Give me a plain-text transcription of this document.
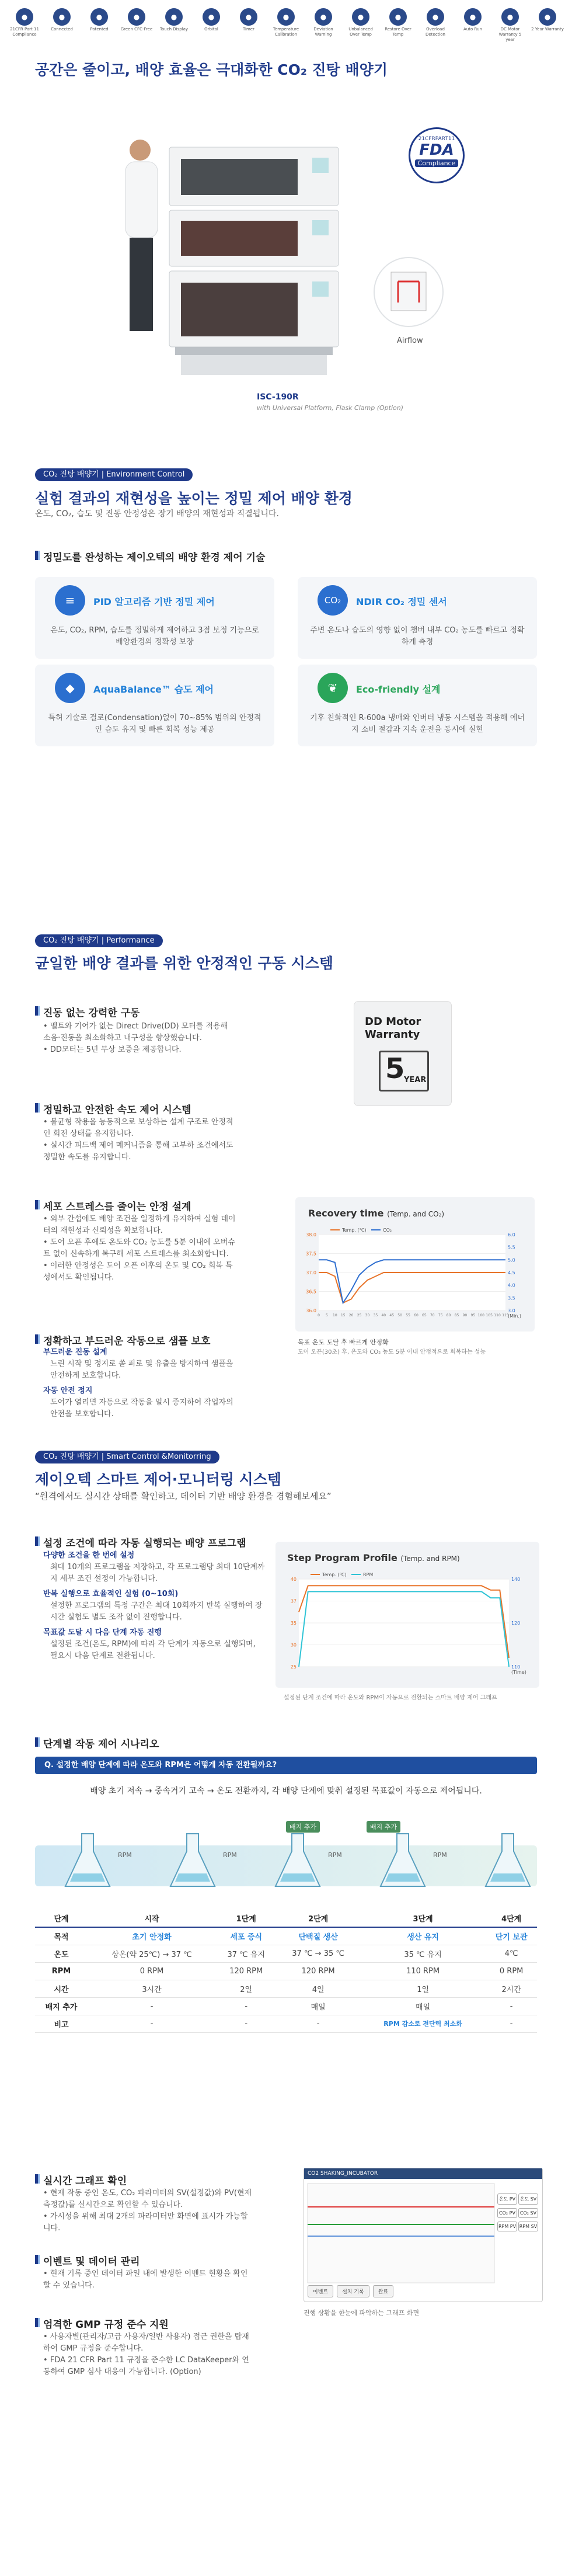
●
21CFR Part 11 Compliance
●
Connected
●
Patented
●
Green CFC-Free
●
Touch Display
●
Orbital
●
Timer
●
Temperature Calibration
●
Deviation Warning
●
Unbalanced Over Temp
●
Restore Over Temp
●
Overload Detection
●
Auto Run
●
DC Motor Warranty 5 year
●
2 Year Warranty
공간은 줄이고, 배양 효율은 극대화한 CO₂ 진탕 배양기
21CFRPART11
FDA
Compliance
Airflow
ISC-190R
with Universal Platform, Flask Clamp (Option)
CO₂ 진탕 배양기 | Environment Control
실험 결과의 재현성을 높이는 정밀 제어 배양 환경
온도, CO₂, 습도 및 진동 안정성은 장기 배양의 재현성과 직결됩니다.
정밀도를 완성하는 제이오텍의 배양 환경 제어 기술
≡	PID 알고리즘 기반 정밀 제어
온도, CO₂, RPM, 습도를 정밀하게 제어하고 3점 보정 기능으로 배양환경의 정확성 보장
CO₂	NDIR CO₂ 정밀 센서
주변 온도나 습도의 영향 없이 챔버 내부 CO₂ 농도를 빠르고 정확하게 측정
◆	AquaBalance™ 습도 제어
특허 기술로 결로(Condensation)없이 70~85% 범위의 안정적인 습도 유지 및 빠른 회복 성능 제공
❦	Eco-friendly 설계
기후 친화적인 R-600a 냉매와 인버터 냉동 시스템을 적용해 에너지 소비 절감과 지속 운전을 동시에 실현
CO₂ 진탕 배양기 | Performance
균일한 배양 결과를 위한 안정적인 구동 시스템
진동 없는 강력한 구동
• 벨트와 기어가 없는 Direct Drive(DD) 모터를 적용해 소음·진동을 최소화하고 내구성을 향상했습니다.
• DD모터는 5년 무상 보증을 제공합니다.
DD Motor
Warranty
5
YEAR
정밀하고 안전한 속도 제어 시스템
• 불균형 작용을 능동적으로 보상하는 설계 구조로 안정적인 회전 상태를 유지합니다.
• 실시간 피드백 제어 메커니즘을 통해 고부하 조건에서도 정밀한 속도를 유지합니다.
세포 스트레스를 줄이는 안정 설계
• 외부 간섭에도 배양 조건을 일정하게 유지하여 실험 데이터의 재현성과 신뢰성을 확보합니다.
• 도어 오픈 후에도 온도와 CO₂ 농도를 5분 이내에 오버슈트 없이 신속하게 복구해 세포 스트레스를 최소화합니다.
• 이러한 안정성은 도어 오픈 이후의 온도 및 CO₂ 회복 특성에서도 확인됩니다.
정확하고 부드러운 작동으로 샘플 보호
부드러운 진동 설계
느린 시작 및 정지로 쏟 피로 및 유출을 방지하여 샘플을 안전하게 보호합니다.
자동 안전 정지
도어가 열리면 자동으로 작동을 일시 중지하여 작업자의 안전을 보호합니다.
Recovery time (Temp. and CO₂)
Temp. (℃)	CO₂
38.0
37.5
37.0
36.5
36.0
6.0
5.5
5.0
4.5
4.0
3.5
3.0
0 5 10 15 20 25 30 35 40 45 50 55 60 65 70 75 80 85 90 95 100 105 110 115
(Min.)
목표 온도 도달 후 빠르게 안정화
도어 오픈(30초) 후, 온도와 CO₂ 농도 5분 이내 안정적으로 회복하는 성능
CO₂ 진탕 배양기 | Smart Control &Monitorring
제이오텍 스마트 제어·모니터링 시스템
“원격에서도 실시간 상태를 확인하고, 데이터 기반 배양 환경을 경험해보세요”
설정 조건에 따라 자동 실행되는 배양 프로그램
다양한 조건을 한 번에 설정
최대 10개의 프로그램을 저장하고, 각 프로그램당 최대 10단계까지 세부 조건 설정이 가능합니다.
반복 실행으로 효율적인 실험 (0~10회)
설정한 프로그램의 특정 구간은 최대 10회까지 반복 실행하여 장시간 실험도 별도 조작 없이 진행합니다.
목표값 도달 시 다음 단계 자동 진행
설정된 조건(온도, RPM)에 따라 각 단계가 자동으로 실행되며, 필요시 다음 단계로 전환됩니다.
Step Program Profile (Temp. and RPM)
Temp. (℃)	RPM
40
37
35
30
25
140
120
110
(Time)
설정된 단계 조건에 따라 온도와 RPM이 자동으로 전환되는 스마트 배양 제어 그래프
단계별 작동 제어 시나리오
Q. 설정한 배양 단계에 따라 온도와 RPM은 어떻게 자동 전환될까요?
배양 초기 저속 → 중속거기 고속 → 온도 전환까지, 각 배양 단계에 맞춰 설정된 목표값이 자동으로 제어됩니다.
RPM	RPM	RPM	RPM
배지 추가	배지 추가
단계	시작	1단계	2단계	3단계	4단계
목적	초기 안정화	세포 증식	단백질 생산	생산 유지	단기 보관
온도	상온(약 25℃) → 37 ℃	37 ℃ 유지	37 ℃ → 35 ℃	35 ℃ 유지	4℃
RPM	0 RPM	120 RPM	120 RPM	110 RPM	0 RPM
시간	3시간	2일	4일	1일	2시간
배지 추가	-	-	매일	매일	-
비고	-	-	-	RPM 감소로 전단력 최소화	-
실시간 그래프 확인
• 현재 작동 중인 온도, CO₂ 파라미터의 SV(설정값)와 PV(현재측정값)를 실시간으로 확인할 수 있습니다.
• 가시성을 위해 최대 2개의 파라미터만 화면에 표시가 가능합니다.
이벤트 및 데이터 관리
• 현재 기록 중인 데이터 파일 내에 발생한 이벤트 현황을 확인할 수 있습니다.
엄격한 GMP 규정 준수 지원
• 사용자별(관리자/고급 사용자/일반 사용자) 접근 권한을 탑재하여 GMP 규정을 준수합니다.
• FDA 21 CFR Part 11 규정을 준수한 LC DataKeeper와 연동하여 GMP 심사 대응이 가능합니다. (Option)
CO2 SHAKING_INCUBATOR
온도 PV 온도 SVCO₂ PV CO₂ SVRPM PV RPM SV
이벤트	설치 기록	완료
진행 상황을 한눈에 파악하는 그래프 화면
